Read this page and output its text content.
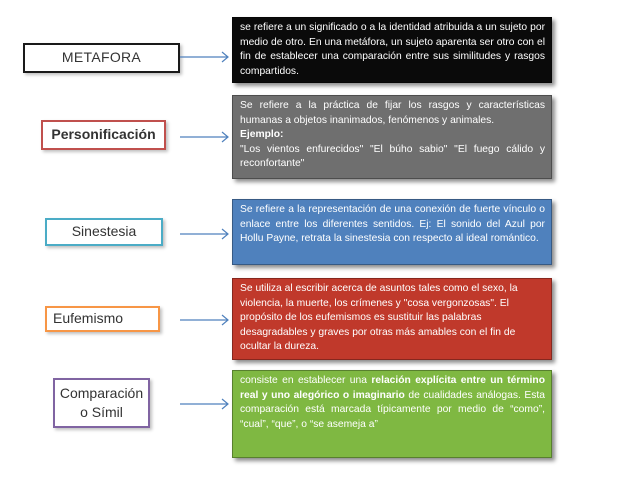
METAFORA

se refiere a un significado o a la identidad atribuida a un sujeto por medio de otro. En una metáfora, un sujeto aparenta ser otro con el fin de establecer una comparación entre sus similitudes y rasgos compartidos.

Personificación

Se refiere a la práctica de fijar los rasgos y características humanas a objetos inanimados, fenómenos y animales.

Ejemplo:

"Los vientos enfurecidos" "El búho sabio" "El fuego cálido y reconfortante"

Sinestesia

Se refiere a la representación de una conexión de fuerte vínculo o enlace entre los diferentes sentidos. Ej: El sonido del Azul por Hollu Payne, retrata la sinestesia con respecto al ideal romántico.

Eufemismo

Se utiliza al escribir acerca de asuntos tales como el sexo, la violencia, la muerte, los crímenes y "cosa vergonzosas". El propósito de los eufemismos es sustituir las palabras desagradables y graves por otras más amables con el fin de ocultar la dureza.

Comparación o Símil

consiste en establecer una relación explícita entre un término real y uno alegórico o imaginario de cualidades análogas. Esta comparación está marcada típicamente por medio de “como”, “cual”, “que”, o “se asemeja a”
